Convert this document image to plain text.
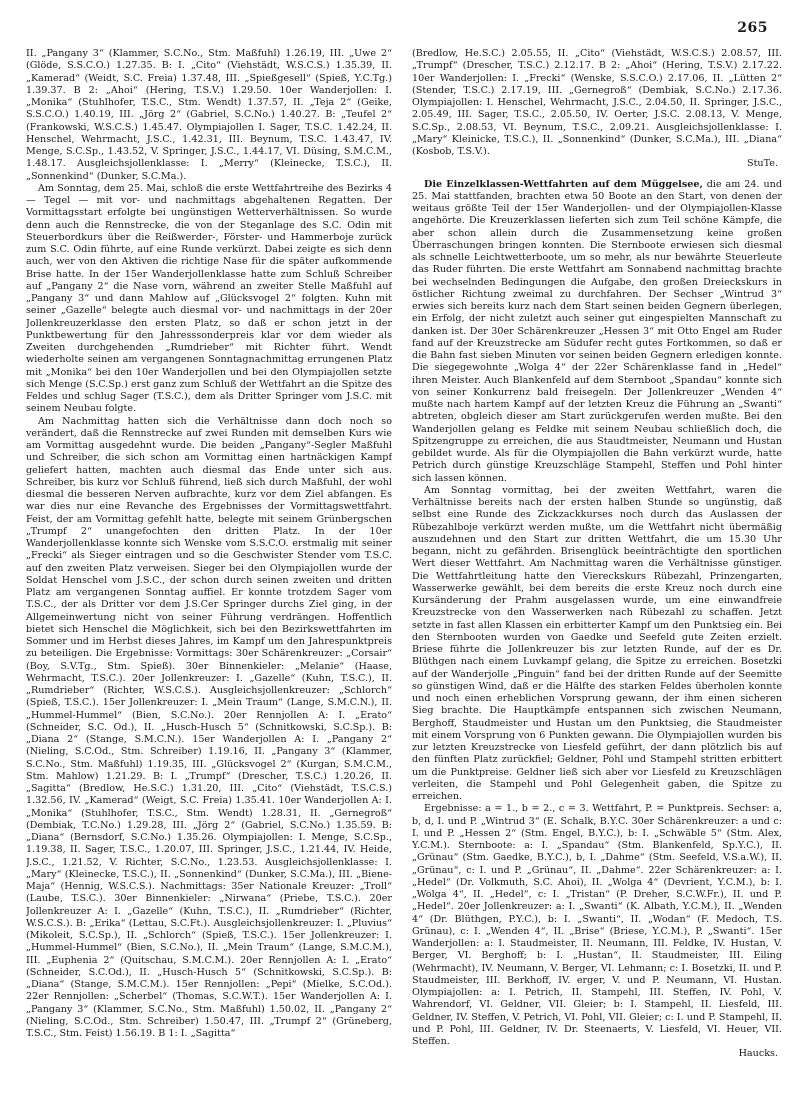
265

II. „Pangany 3“ (Klammer, S.C.No., Stm. Maßfuhl) 1.26.19, III. „Uwe 2“ (Glöde, S.S.C.O.) 1.27.35. B: I. „Cito“ (Viehstädt, W.S.C.S.) 1.35.39, II. „Kamerad“ (Weidt, S.C. Freia) 1.37.48, III. „Spießgesell“ (Spieß, Y.C.Tg.) 1.39.37. B 2: „Ahoi“ (Hering, T.S.V.) 1.29.50. 10er Wanderjollen: I. „Monika“ (Stuhlhofer, T.S.C., Stm. Wendt) 1.37.57, II. „Teja 2“ (Geike, S.S.C.O.) 1.40.19, III. „Jörg 2“ (Gabriel, S.C.No.) 1.40.27. B: „Teufel 2“ (Frankowski, W.S.C.S.) 1.45.47. Olympiajollen I. Sager, T.S.C. 1.42.24, II. Henschel, Wehrmacht, J.S.C., 1.42.31, III. Beynum, T.S.C. 1.43.47, IV. Menge, S.C.Sp., 1.43.52, V. Springer, J.S.C., 1.44.17, VI. Düsing, S.M.C.M., 1.48.17. Ausgleichsjollenklasse: I. „Merry“ (Kleinecke, T.S.C.), II. „Sonnenkind“ (Dunker, S.C.Ma.).

Am Sonntag, dem 25. Mai, schloß die erste Wettfahrtreihe des Bezirks 4 — Tegel — mit vor- und nachmittags abgehaltenen Regatten. Der Vormittagsstart erfolgte bei ungünstigen Wetterverhältnissen. So wurde denn auch die Rennstrecke, die von der Steganlage des S.C. Odin mit Steuerbordkurs über die Reißwerder-, Förster- und Hammerboje zurück zum S.C. Odin führte, auf eine Runde verkürzt. Dabei zeigte es sich denn auch, wer von den Aktiven die richtige Nase für die später aufkommende Brise hatte. In der 15er Wanderjollenklasse hatte zum Schluß Schreiber auf „Pangany 2“ die Nase vorn, während an zweiter Stelle Maßfuhl auf „Pangany 3“ und dann Mahlow auf „Glücksvogel 2“ folgten. Kuhn mit seiner „Gazelle“ belegte auch diesmal vor- und nachmittags in der 20er Jollenkreuzerklasse den ersten Platz, so daß er schon jetzt in der Punktbewertung für den Jahresssonderpreis klar vor dem wieder als Zweiten durchgehenden „Rumdrieber“ mit Richter führt. Wendt wiederholte seinen am vergangenen Sonntagnachmittag errungenen Platz mit „Monika“ bei den 10er Wanderjollen und bei den Olympiajollen setzte sich Menge (S.C.Sp.) erst ganz zum Schluß der Wettfahrt an die Spitze des Feldes und schlug Sager (T.S.C.), dem als Dritter Springer vom J.S.C. mit seinem Neubau folgte.

Am Nachmittag hatten sich die Verhältnisse dann doch noch so verändert, daß die Rennstrecke auf zwei Runden mit demselben Kurs wie am Vormittag ausgedehnt wurde. Die beiden „Pangany“-Segler Maßfuhl und Schreiber, die sich schon am Vormittag einen hartnäckigen Kampf geliefert hatten, machten auch diesmal das Ende unter sich aus. Schreiber, bis kurz vor Schluß führend, ließ sich durch Maßfuhl, der wohl diesmal die besseren Nerven aufbrachte, kurz vor dem Ziel abfangen. Es war dies nur eine Revanche des Ergebnisses der Vormittagswettfahrt. Feist, der am Vormittag gefehlt hatte, belegte mit seinem Grünbergschen „Trumpf 2“ unangefochten den dritten Platz. In der 10er Wanderjollenklasse konnte sich Wenske vom S.S.C.O. erstmalig mit seiner „Frecki“ als Sieger eintragen und so die Geschwister Stender vom T.S.C. auf den zweiten Platz verweisen. Sieger bei den Olympiajollen wurde der Soldat Henschel vom J.S.C., der schon durch seinen zweiten und dritten Platz am vergangenen Sonntag auffiel. Er konnte trotzdem Sager vom T.S.C., der als Dritter vor dem J.S.Cer Springer durchs Ziel ging, in der Allgemeinwertung nicht von seiner Führung verdrängen. Hoffentlich bietet sich Henschel die Möglichkeit, sich bei den Bezirkswettfahrten im Sommer und im Herbst dieses Jahres, im Kampf um den Jahrespunktpreis zu beteiligen. Die Ergebnisse: Vormittags: 30er Schärenkreuzer: „Corsair“ (Boy, S.V.Tg., Stm. Spieß). 30er Binnenkieler: „Melanie“ (Haase, Wehrmacht, T.S.C.). 20er Jollenkreuzer: I. „Gazelle“ (Kuhn, T.S.C.), II. „Rumdrieber“ (Richter, W.S.C.S.). Ausgleichsjollenkreuzer: „Schlorch“ (Spieß, T.S.C.). 15er Jollenkreuzer: I. „Mein Traum“ (Lange, S.M.C.N.), II. „Hummel-Hummel“ (Bien, S.C.No.). 20er Rennjollen A: I. „Erato“ (Schneider, S.C. Od.), II. „Husch-Husch 5“ (Schnitkowski, S.C.Sp.). B: „Diana 2“ (Stange, S.M.C.N.). 15er Wanderjollen A: I. „Pangany 2“ (Nieling, S.C.Od., Stm. Schreiber) 1.19.16, II. „Pangany 3“ (Klammer, S.C.No., Stm. Maßfuhl) 1.19.35, III. „Glücksvogel 2“ (Kurgan, S.M.C.M., Stm. Mahlow) 1.21.29. B: I. „Trumpf“ (Drescher, T.S.C.) 1.20.26, II. „Sagitta“ (Bredlow, He.S.C.) 1.31.20, III. „Cito“ (Viehstädt, T.S.C.S.) 1.32.56, IV. „Kamerad“ (Weigt, S.C. Freia) 1.35.41. 10er Wanderjollen A: I. „Monika“ (Stuhlhofer, T.S.C., Stm. Wendt) 1.28.31, II. „Gernegroß“ (Dembiak, T.C.No.) 1.29.28, III. „Jörg 2“ (Gabriel, S.C.No.) 1.35.59. B: „Diana“ (Bernsdorf, S.C.No.) 1.35.26. Olympiajollen: I. Menge, S.C.Sp., 1.19.38, II. Sager, T.S.C., 1.20.07, III. Springer, J.S.C., 1.21.44, IV. Heide, J.S.C., 1.21.52, V. Richter, S.C.No., 1.23.53. Ausgleichsjollenklasse: I. „Mary“ (Kleinecke, T.S.C.), II. „Sonnenkind“ (Dunker, S.C.Ma.), III. „Biene-Maja“ (Hennig, W.S.C.S.). Nachmittags: 35er Nationale Kreuzer: „Troll“ (Laube, T.S.C.). 30er Binnenkieler: „Nirwana“ (Priebe, T.S.C.). 20er Jollenkreuzer A: I. „Gazelle“ (Kuhn, T.S.C.), II. „Rumdrieber“ (Richter, W.S.C.S.). B: „Erika“ (Lettau, S.C.Ft.). Ausgleichsjollenkreuzer: I. „Pluvius“ (Mikoleit, S.C.Sp.), II. „Schlorch“ (Spieß, T.S.C.). 15er Jollenkreuzer: I. „Hummel-Hummel“ (Bien, S.C.No.), II. „Mein Traum“ (Lange, S.M.C.M.), III. „Euphenia 2“ (Quitschau, S.M.C.M.). 20er Rennjollen A: I. „Erato“ (Schneider, S.C.Od.), II. „Husch-Husch 5“ (Schnitkowski, S.C.Sp.). B: „Diana“ (Stange, S.M.C.M.). 15er Rennjollen: „Pepi“ (Mielke, S.C.Od.). 22er Rennjollen: „Scherbel“ (Thomas, S.C.W.T.). 15er Wanderjollen A: I. „Pangany 3“ (Klammer, S.C.No., Stm. Maßfuhl) 1.50.02, II. „Pangany 2“ (Nieling, S.C.Od., Stm. Schreiber) 1.50.47, III. „Trumpf 2“ (Grüneberg, T.S.C., Stm. Feist) 1.56.19. B 1: I. „Sagitta“

(Bredlow, He.S.C.) 2.05.55, II. „Cito“ (Viehstädt, W.S.C.S.) 2.08.57, III. „Trumpf“ (Drescher, T.S.C.) 2.12.17. B 2: „Ahoi“ (Hering, T.S.V.) 2.17.22. 10er Wanderjollen: I. „Frecki“ (Wenske, S.S.C.O.) 2.17.06, II. „Lütten 2“ (Stender, T.S.C.) 2.17.19, III. „Gernegroß“ (Dembiak, S.C.No.) 2.17.36. Olympiajollen: I. Henschel, Wehrmacht, J.S.C., 2.04.50, II. Springer, J.S.C., 2.05.49, III. Sager, T.S.C., 2.05.50, IV. Oerter, J.S.C. 2.08.13, V. Menge, S.C.Sp., 2.08.53, VI. Beynum, T.S.C., 2.09.21. Ausgleichsjollenklasse: I. „Mary“ Kleinicke, T.S.C.), II. „Sonnenkind“ (Dunker, S.C.Ma.), III. „Diana“ (Kosbob, T.S.V.).

StuTe.

Die Einzelklassen-Wettfahrten auf dem Müggelsee, die am 24. und 25. Mai stattfanden, brachten etwa 50 Boote an den Start, von denen der weitaus größte Teil der 15er Wanderjollen- und der Olympiajollen-Klasse angehörte. Die Kreuzerklassen lieferten sich zum Teil schöne Kämpfe, die aber schon allein durch die Zusammensetzung keine großen Überraschungen bringen konnten. Die Sternboote erwiesen sich diesmal als schnelle Leichtwetterboote, um so mehr, als nur bewährte Steuerleute das Ruder führten. Die erste Wettfahrt am Sonnabend nachmittag brachte bei wechselnden Bedingungen die Aufgabe, den großen Dreieckskurs in östlicher Richtung zweimal zu durchfahren. Der Sechser „Wintrud 3“ erwies sich bereits kurz nach dem Start seinen beiden Gegnern überlegen, ein Erfolg, der nicht zuletzt auch seiner gut eingespielten Mannschaft zu danken ist. Der 30er Schärenkreuzer „Hessen 3“ mit Otto Engel am Ruder fand auf der Kreuzstrecke am Südufer recht gutes Fortkommen, so daß er die Bahn fast sieben Minuten vor seinen beiden Gegnern erledigen konnte. Die siegegewohnte „Wolga 4“ der 22er Schärenklasse fand in „Hedel“ ihren Meister. Auch Blankenfeld auf dem Sternboot „Spandau“ konnte sich von seiner Konkurrenz bald freisegeln. Der Jollenkreuzer „Wenden 4“ mußte nach hartem Kampf auf der letzten Kreuz die Führung an „Swanti“ abtreten, obgleich dieser am Start zurückgerufen werden mußte. Bei den Wanderjollen gelang es Feldke mit seinem Neubau schließlich doch, die Spitzengruppe zu erreichen, die aus Staudtmeister, Neumann und Hustan gebildet wurde. Als für die Olympiajollen die Bahn verkürzt wurde, hatte Petrich durch günstige Kreuzschläge Stampehl, Steffen und Pohl hinter sich lassen können.

Am Sonntag vormittag, bei der zweiten Wettfahrt, waren die Verhältnisse bereits nach der ersten halben Stunde so ungünstig, daß selbst eine Runde des Zickzackkurses noch durch das Auslassen der Rübezahlboje verkürzt werden mußte, um die Wettfahrt nicht übermäßig auszudehnen und den Start zur dritten Wettfahrt, die um 15.30 Uhr begann, nicht zu gefährden. Brisenglück beeinträchtigte den sportlichen Wert dieser Wettfahrt. Am Nachmittag waren die Verhältnisse günstiger. Die Wettfahrtleitung hatte den Viereckskurs Rübezahl, Prinzengarten, Wasserwerke gewählt, bei dem bereits die erste Kreuz noch durch eine Kursänderung der Prahm ausgelassen wurde, um eine einwandfreie Kreuzstrecke von den Wasserwerken nach Rübezahl zu schaffen. Jetzt setzte in fast allen Klassen ein erbitterter Kampf um den Punktsieg ein. Bei den Sternbooten wurden von Gaedke und Seefeld gute Zeiten erzielt. Briese führte die Jollenkreuzer bis zur letzten Runde, auf der es Dr. Blüthgen nach einem Luvkampf gelang, die Spitze zu erreichen. Bosetzki auf der Wanderjolle „Pinguin“ fand bei der dritten Runde auf der Seemitte so günstigen Wind, daß er die Hälfte des starken Feldes überholen konnte und noch einen erheblichen Vorsprung gewann, der ihm einen sicheren Sieg brachte. Die Hauptkämpfe entspannen sich zwischen Neumann, Berghoff, Staudmeister und Hustan um den Punktsieg, die Staudmeister mit einem Vorsprung von 6 Punkten gewann. Die Olympiajollen wurden bis zur letzten Kreuzstrecke von Liesfeld geführt, der dann plötzlich bis auf den fünften Platz zurückfiel; Geldner, Pohl und Stampehl stritten erbittert um die Punktpreise. Geldner ließ sich aber vor Liesfeld zu Kreuzschlägen verleiten, die Stampehl und Pohl Gelegenheit gaben, die Spitze zu erreichen.

Ergebnisse: a = 1., b = 2., c = 3. Wettfahrt, P. = Punktpreis. Sechser: a, b, d, I. und P. „Wintrud 3“ (E. Schalk, B.Y.C. 30er Schärenkreuzer: a und c: I. und P. „Hessen 2“ (Stm. Engel, B.Y.C.), b: I. „Schwäble 5“ (Stm. Alex, Y.C.M.). Sternboote: a: I. „Spandau“ (Stm. Blankenfeld, Sp.Y.C.), II. „Grünau“ (Stm. Gaedke, B.Y.C.), b, I. „Dahme“ (Stm. Seefeld, V.S.a.W.), II. „Grünau“, c: I. und P. „Grünau“, II. „Dahme“. 22er Schärenkreuzer: a: I. „Hedel“ (Dr. Volkmuth, S.C. Ahoi), II. „Wolga 4“ (Devrient, Y.C.M.), b: I. „Wolga 4“, II. „Hedel“, c: I. „Tristan“ (P. Dreher, S.C.W.Fr.), II. und P. „Hedel“. 20er Jollenkreuzer: a: I. „Swanti“ (K. Albath, Y.C.M.), II. „Wenden 4“ (Dr. Blüthgen, P.Y.C.), b: I. „Swanti“, II. „Wodan“ (F. Medoch, T.S. Grünau), c: I. „Wenden 4“, II. „Brise“ (Briese, Y.C.M.), P. „Swanti“. 15er Wanderjollen: a: I. Staudmeister, II. Neumann, III. Feldke, IV. Hustan, V. Berger, VI. Berghoff; b: I. „Hustan“, II. Staudmeister, III. Eiling (Wehrmacht), IV. Neumann, V. Berger, VI. Lehmann; c: I. Bosetzki, II. und P. Staudmeister, III. Berkhoff, IV. erger, V. und P. Neumann, VI. Hustan. Olympiajollen: a: I. Petrich, II. Stampehl, III. Steffen, IV. Pohl, V. Wahrendorf, VI. Geldner, VII. Gleier; b: I. Stampehl, II. Liesfeld, III. Geldner, IV. Steffen, V. Petrich, VI. Pohl, VII. Gleier; c: I. und P. Stampehl, II. und P. Pohl, III. Geldner, IV. Dr. Steenaerts, V. Liesfeld, VI. Heuer, VII. Steffen.

Haucks.
